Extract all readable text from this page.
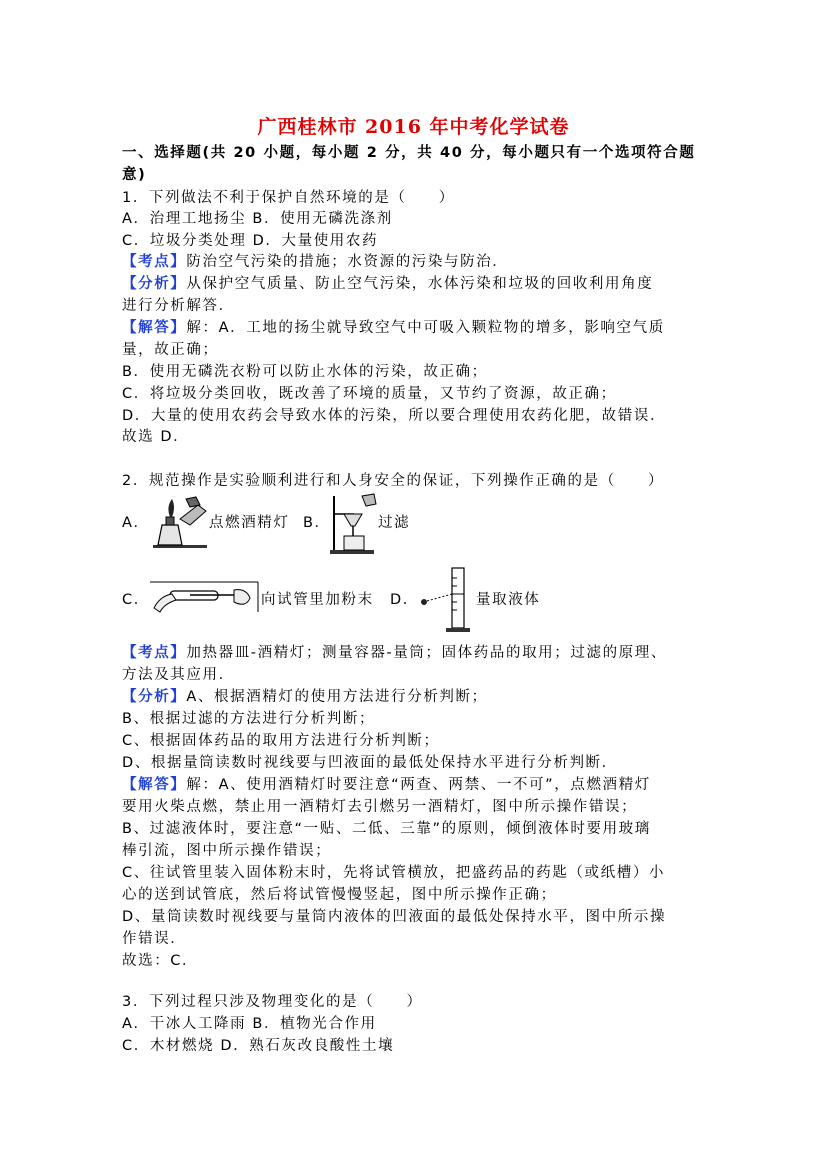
广西桂林市 2016 年中考化学试卷
一、选择题(共 20 小题，每小题 2 分，共 40 分，每小题只有一个选项符合题
意)
1．下列做法不利于保护自然环境的是（　　）
A．治理工地扬尘 B．使用无磷洗涤剂
C．垃圾分类处理 D．大量使用农药
【考点】防治空气污染的措施；水资源的污染与防治．
【分析】从保护空气质量、防止空气污染，水体污染和垃圾的回收利用角度
进行分析解答．
【解答】解：A．工地的扬尘就导致空气中可吸入颗粒物的增多，影响空气质
量，故正确；
B．使用无磷洗衣粉可以防止水体的污染，故正确；
C．将垃圾分类回收，既改善了环境的质量，又节约了资源，故正确；
D．大量的使用农药会导致水体的污染，所以要合理使用农药化肥，故错误．
故选 D．
2．规范操作是实验顺利进行和人身安全的保证，下列操作正确的是（　　）
A．	点燃酒精灯 B．	过滤
C．	向试管里加粉末 D．	量取液体
【考点】加热器皿-酒精灯；测量容器-量筒；固体药品的取用；过滤的原理、
方法及其应用．
【分析】A、根据酒精灯的使用方法进行分析判断；
B、根据过滤的方法进行分析判断；
C、根据固体药品的取用方法进行分析判断；
D、根据量筒读数时视线要与凹液面的最低处保持水平进行分析判断．
【解答】解：A、使用酒精灯时要注意“两查、两禁、一不可”，点燃酒精灯
要用火柴点燃，禁止用一酒精灯去引燃另一酒精灯，图中所示操作错误；
B、过滤液体时，要注意“一贴、二低、三靠”的原则，倾倒液体时要用玻璃
棒引流，图中所示操作错误；
C、往试管里装入固体粉末时，先将试管横放，把盛药品的药匙（或纸槽）小
心的送到试管底，然后将试管慢慢竖起，图中所示操作正确；
D、量筒读数时视线要与量筒内液体的凹液面的最低处保持水平，图中所示操
作错误．
故选：C．
3．下列过程只涉及物理变化的是（　　）
A．干冰人工降雨 B．植物光合作用
C．木材燃烧 D．熟石灰改良酸性土壤
